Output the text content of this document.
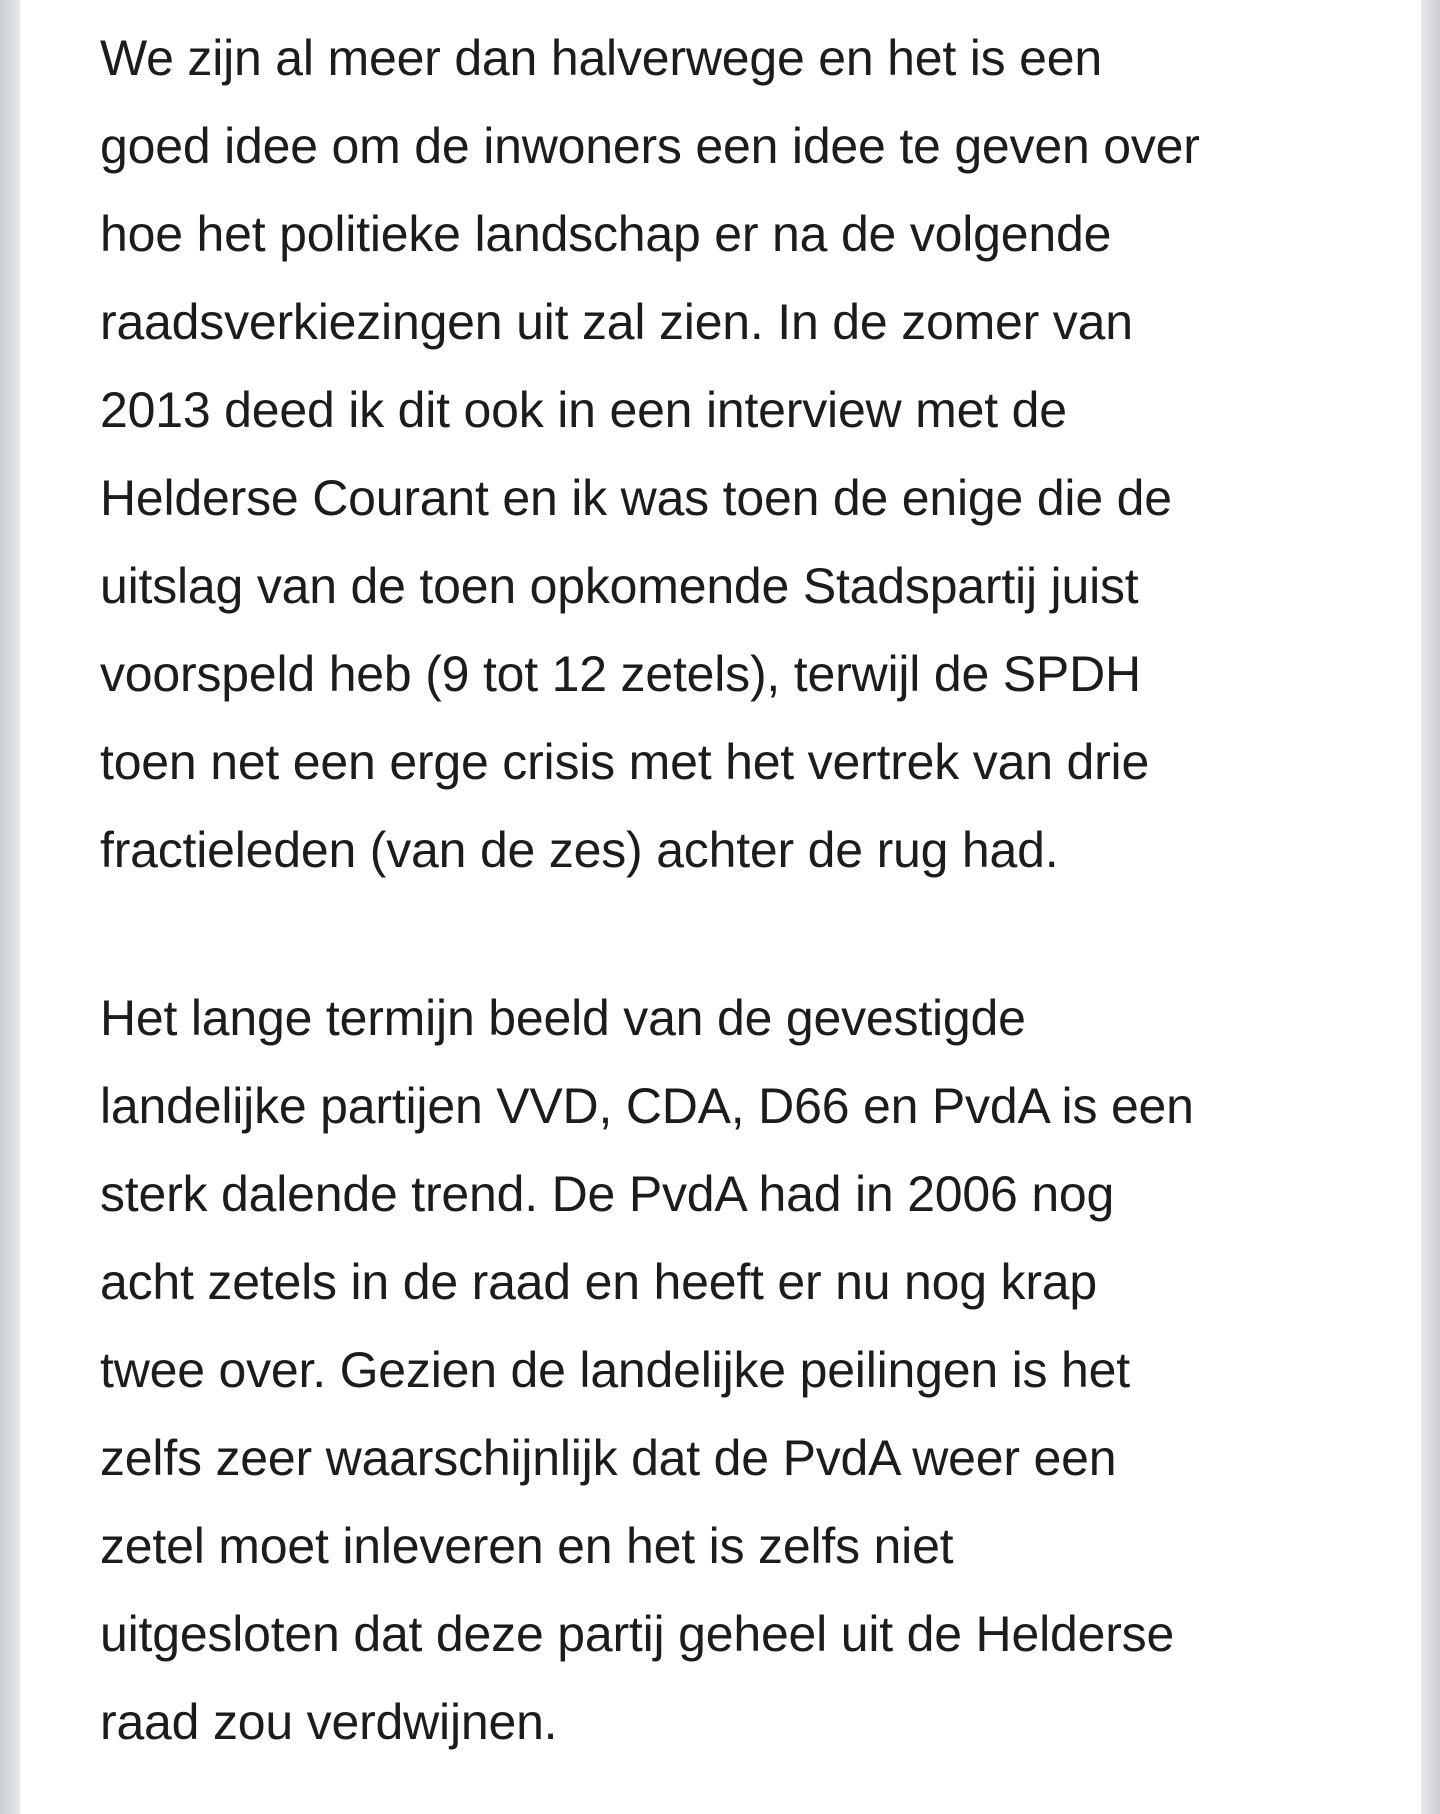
We zijn al meer dan halverwege en het is een
goed idee om de inwoners een idee te geven over
hoe het politieke landschap er na de volgende
raadsverkiezingen uit zal zien. In de zomer van
2013 deed ik dit ook in een interview met de
Helderse Courant en ik was toen de enige die de
uitslag van de toen opkomende Stadspartij juist
voorspeld heb (9 tot 12 zetels), terwijl de SPDH
toen net een erge crisis met het vertrek van drie
fractieleden (van de zes) achter de rug had.

Het lange termijn beeld van de gevestigde
landelijke partijen VVD, CDA, D66 en PvdA is een
sterk dalende trend. De PvdA had in 2006 nog
acht zetels in de raad en heeft er nu nog krap
twee over. Gezien de landelijke peilingen is het
zelfs zeer waarschijnlijk dat de PvdA weer een
zetel moet inleveren en het is zelfs niet
uitgesloten dat deze partij geheel uit de Helderse
raad zou verdwijnen.
